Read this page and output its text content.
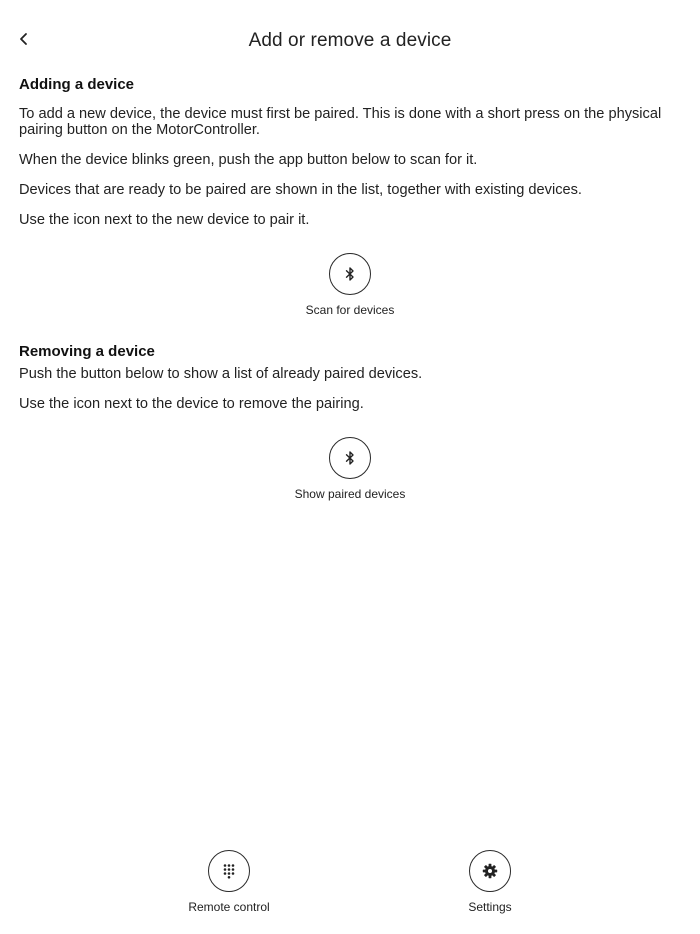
Add or remove a device
Adding a device
To add a new device, the device must first be paired. This is done with a short press on the physical pairing button on the MotorController.
When the device blinks green, push the app button below to scan for it.
Devices that are ready to be paired are shown in the list, together with existing devices.
Use the icon next to the new device to pair it.
Removing a device
Push the button below to show a list of already paired devices.
Use the icon next to the device to remove the pairing.
Scan for devices
Show paired devices
Remote control	Settings
